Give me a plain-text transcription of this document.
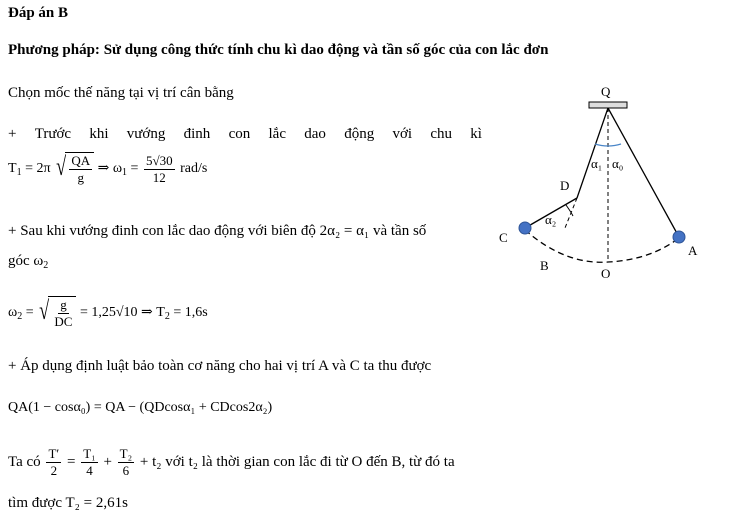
Đáp án B
Phương pháp: Sử dụng công thức tính chu kì dao động và tần số góc của con lắc đơn
Chọn mốc thế năng tại vị trí cân bằng
+ Trước khi vướng đinh con lắc dao động với chu kì
$T_1 = 2\pi$ √ $\frac{QA}{g}$ ⇒ $\omega_1 = \frac{5√30}{12} rad/s$
+ Sau khi vướng đinh con lắc dao động với biên độ 2α₂ = α₁ và tần số
góc $\omega_2$
$\omega_2$ = √ $\frac{g}{DC} = 1,25√10$ ⇒ $T_2 = 1,6s$
+ Áp dụng định luật bảo toàn cơ năng cho hai vị trí A và C ta thu được
QA(1 − cosα₀) = QA − (QDcosα₁ + CDcos2α₂)
Ta có $\frac{T'}{2} = \frac{\text{T₁}}{4} + \frac{\text{T₂}}{6} + t_2$ với t₂ là thời gian con lắc đi từ O đến B, từ đó ta
tìm được T₂ = 2,61s
Q
D
C
B
O
A
α₁ α₀
α₂
